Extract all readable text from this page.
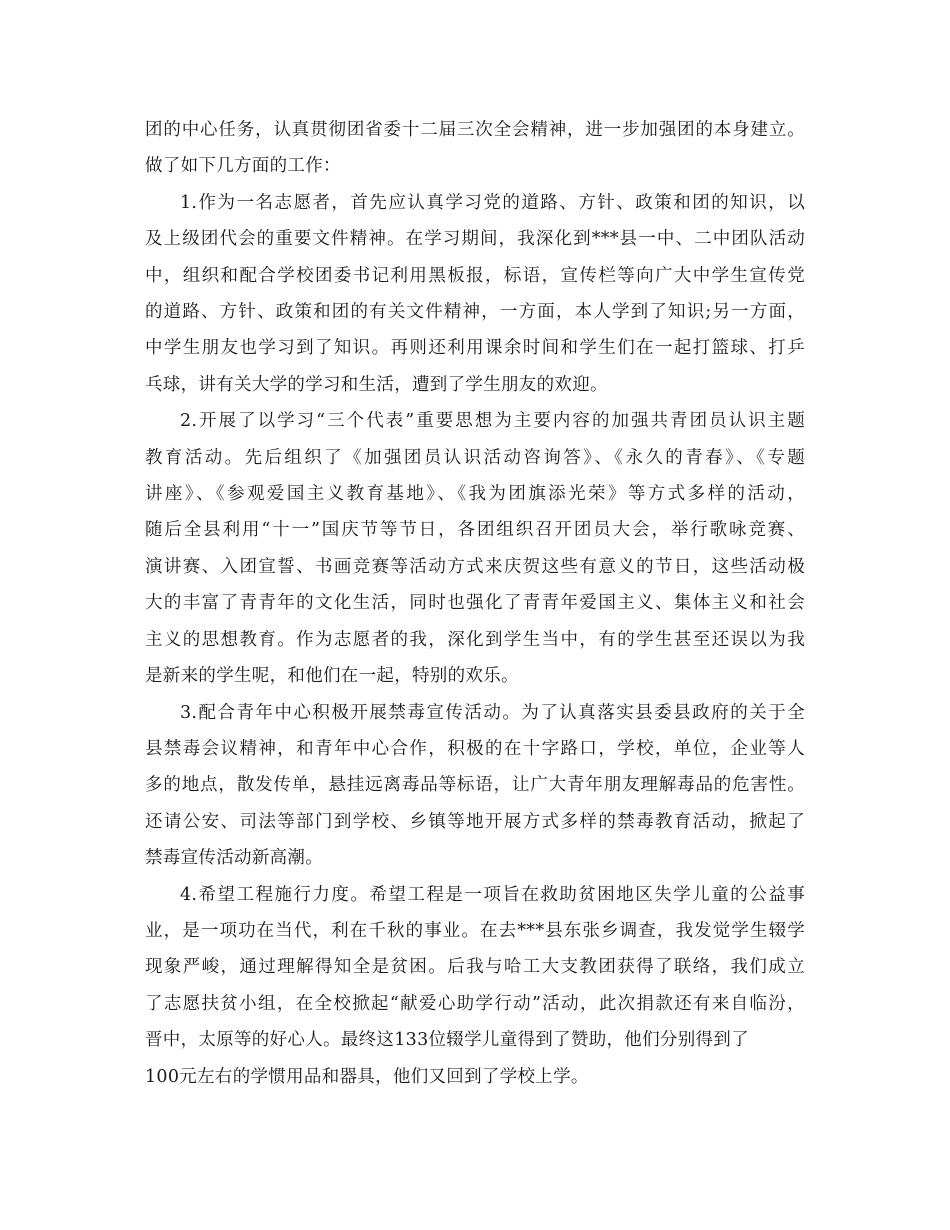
团的中心任务，认真贯彻团省委十二届三次全会精神，进一步加强团的本身建立。
做了如下几方面的工作：
1.作为一名志愿者，首先应认真学习党的道路、方针、政策和团的知识，以
及上级团代会的重要文件精神。在学习期间，我深化到***县一中、二中团队活动
中，组织和配合学校团委书记利用黑板报，标语，宣传栏等向广大中学生宣传党
的道路、方针、政策和团的有关文件精神，一方面，本人学到了知识;另一方面，
中学生朋友也学习到了知识。再则还利用课余时间和学生们在一起打篮球、打乒
乓球，讲有关大学的学习和生活，遭到了学生朋友的欢迎。
2.开展了以学习“三个代表”重要思想为主要内容的加强共青团员认识主题
教育活动。先后组织了《加强团员认识活动咨询答》、《永久的青春》、《专题
讲座》、《参观爱国主义教育基地》、《我为团旗添光荣》等方式多样的活动，
随后全县利用“十一”国庆节等节日，各团组织召开团员大会，举行歌咏竞赛、
演讲赛、入团宣誓、书画竞赛等活动方式来庆贺这些有意义的节日，这些活动极
大的丰富了青青年的文化生活，同时也强化了青青年爱国主义、集体主义和社会
主义的思想教育。作为志愿者的我，深化到学生当中，有的学生甚至还误以为我
是新来的学生呢，和他们在一起，特别的欢乐。
3.配合青年中心积极开展禁毒宣传活动。为了认真落实县委县政府的关于全
县禁毒会议精神，和青年中心合作，积极的在十字路口，学校，单位，企业等人
多的地点，散发传单，悬挂远离毒品等标语，让广大青年朋友理解毒品的危害性。
还请公安、司法等部门到学校、乡镇等地开展方式多样的禁毒教育活动，掀起了
禁毒宣传活动新高潮。
4.希望工程施行力度。希望工程是一项旨在救助贫困地区失学儿童的公益事
业，是一项功在当代，利在千秋的事业。在去***县东张乡调查，我发觉学生辍学
现象严峻，通过理解得知全是贫困。后我与哈工大支教团获得了联络，我们成立
了志愿扶贫小组，在全校掀起“献爱心助学行动”活动，此次捐款还有来自临汾，
晋中，太原等的好心人。最终这133位辍学儿童得到了赞助，他们分别得到了
100元左右的学惯用品和器具，他们又回到了学校上学。
